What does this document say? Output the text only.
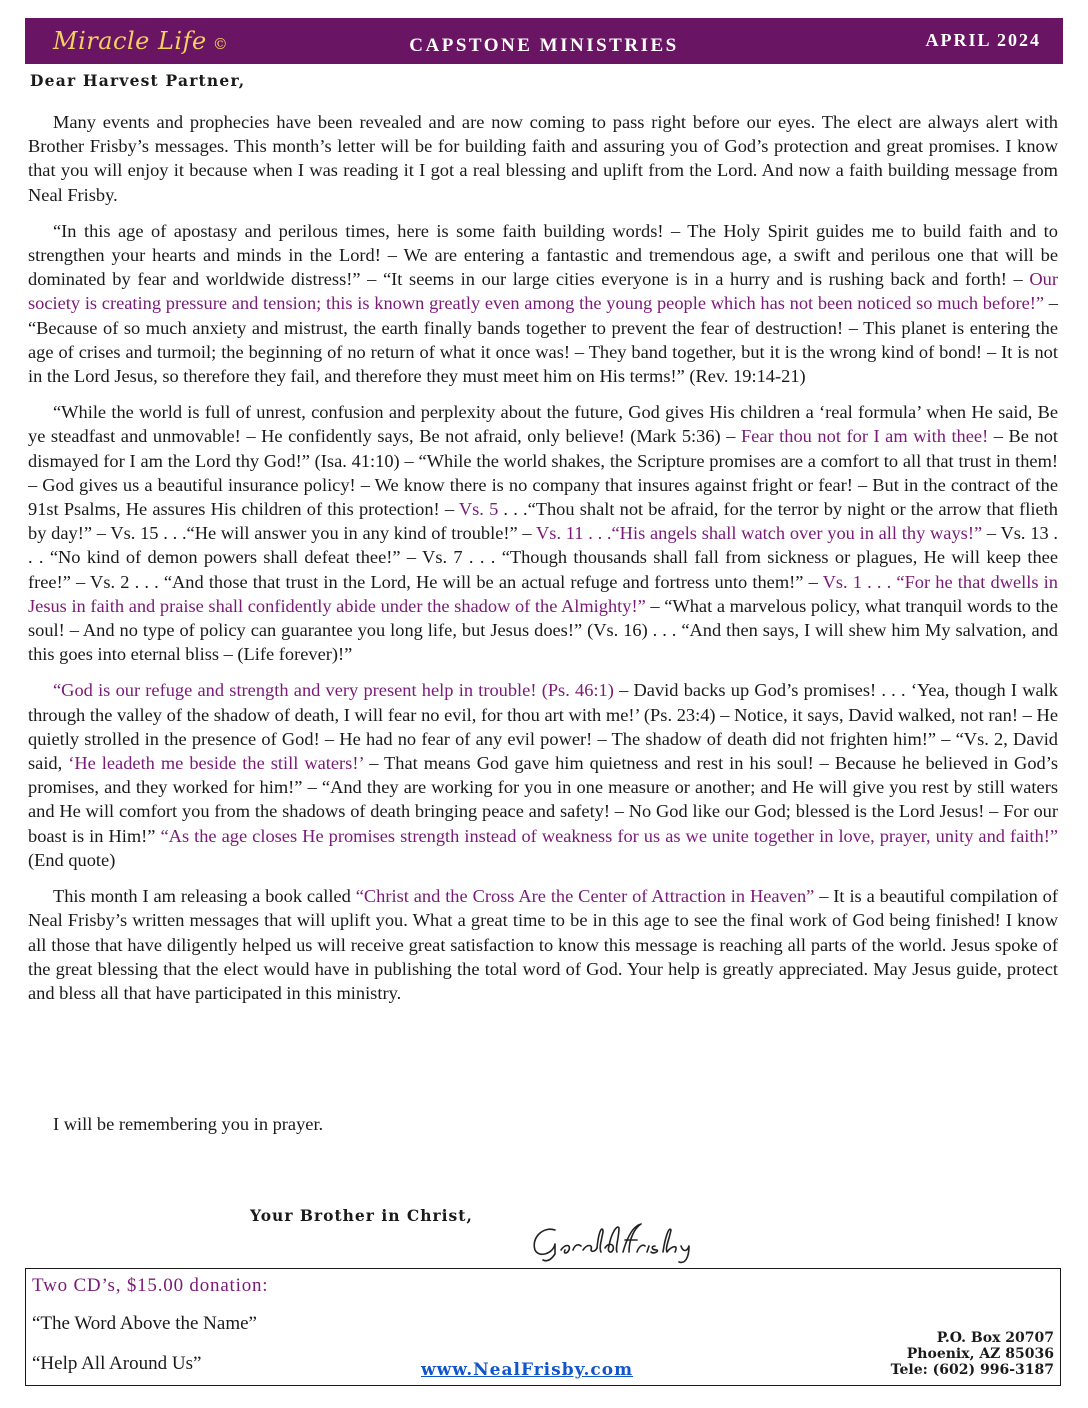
Miracle Life ©	CAPSTONE MINISTRIES	APRIL 2024
Dear Harvest Partner,

Many events and prophecies have been revealed and are now coming to pass right before our eyes. The elect are always alert with Brother Frisby’s messages. This month’s letter will be for building faith and assuring you of God’s protection and great promises. I know that you will enjoy it because when I was reading it I got a real blessing and uplift from the Lord. And now a faith building message from Neal Frisby.

“In this age of apostasy and perilous times, here is some faith building words! – The Holy Spirit guides me to build faith and to strengthen your hearts and minds in the Lord! – We are entering a fantastic and tremendous age, a swift and perilous one that will be dominated by fear and worldwide distress!” – “It seems in our large cities everyone is in a hurry and is rushing back and forth! – Our society is creating pressure and tension; this is known greatly even among the young people which has not been noticed so much before!” – “Because of so much anxiety and mistrust, the earth finally bands together to prevent the fear of destruction! – This planet is entering the age of crises and turmoil; the beginning of no return of what it once was! – They band together, but it is the wrong kind of bond! – It is not in the Lord Jesus, so therefore they fail, and therefore they must meet him on His terms!” (Rev. 19:14-21)

“While the world is full of unrest, confusion and perplexity about the future, God gives His children a ‘real formula’ when He said, Be ye steadfast and unmovable! – He confidently says, Be not afraid, only believe! (Mark 5:36) – Fear thou not for I am with thee! – Be not dismayed for I am the Lord thy God!” (Isa. 41:10) – “While the world shakes, the Scripture promises are a comfort to all that trust in them! – God gives us a beautiful insurance policy! – We know there is no company that insures against fright or fear! – But in the contract of the 91st Psalms, He assures His children of this protection! – Vs. 5 . . .“Thou shalt not be afraid, for the terror by night or the arrow that flieth by day!” – Vs. 15 . . .“He will answer you in any kind of trouble!” – Vs. 11 . . .“His angels shall watch over you in all thy ways!” – Vs. 13 . . . “No kind of demon powers shall defeat thee!” – Vs. 7 . . . “Though thousands shall fall from sickness or plagues, He will keep thee free!” – Vs. 2 . . . “And those that trust in the Lord, He will be an actual refuge and fortress unto them!” – Vs. 1 . . . “For he that dwells in Jesus in faith and praise shall confidently abide under the shadow of the Almighty!” – “What a marvelous policy, what tranquil words to the soul! – And no type of policy can guarantee you long life, but Jesus does!” (Vs. 16) . . . “And then says, I will shew him My salvation, and this goes into eternal bliss – (Life forever)!”

“God is our refuge and strength and very present help in trouble! (Ps. 46:1) – David backs up God’s promises! . . . ‘Yea, though I walk through the valley of the shadow of death, I will fear no evil, for thou art with me!’ (Ps. 23:4) – Notice, it says, David walked, not ran! – He quietly strolled in the presence of God! – He had no fear of any evil power! – The shadow of death did not frighten him!” – “Vs. 2, David said, ‘He leadeth me beside the still waters!’ – That means God gave him quietness and rest in his soul! – Because he believed in God’s promises, and they worked for him!” – “And they are working for you in one measure or another; and He will give you rest by still waters and He will comfort you from the shadows of death bringing peace and safety! – No God like our God; blessed is the Lord Jesus! – For our boast is in Him!” “As the age closes He promises strength instead of weakness for us as we unite together in love, prayer, unity and faith!” (End quote)

This month I am releasing a book called “Christ and the Cross Are the Center of Attraction in Heaven” – It is a beautiful compilation of Neal Frisby’s written messages that will uplift you. What a great time to be in this age to see the final work of God being finished! I know all those that have diligently helped us will receive great satisfaction to know this message is reaching all parts of the world. Jesus spoke of the great blessing that the elect would have in publishing the total word of God. Your help is greatly appreciated. May Jesus guide, protect and bless all that have participated in this ministry.

I will be remembering you in prayer.
Your Brother in Christ,
Two CD’s, $15.00 donation:
“The Word Above the Name”
“Help All Around Us”	www.NealFrisby.com
P.O. Box 20707
Phoenix, AZ 85036
Tele: (602) 996-3187
